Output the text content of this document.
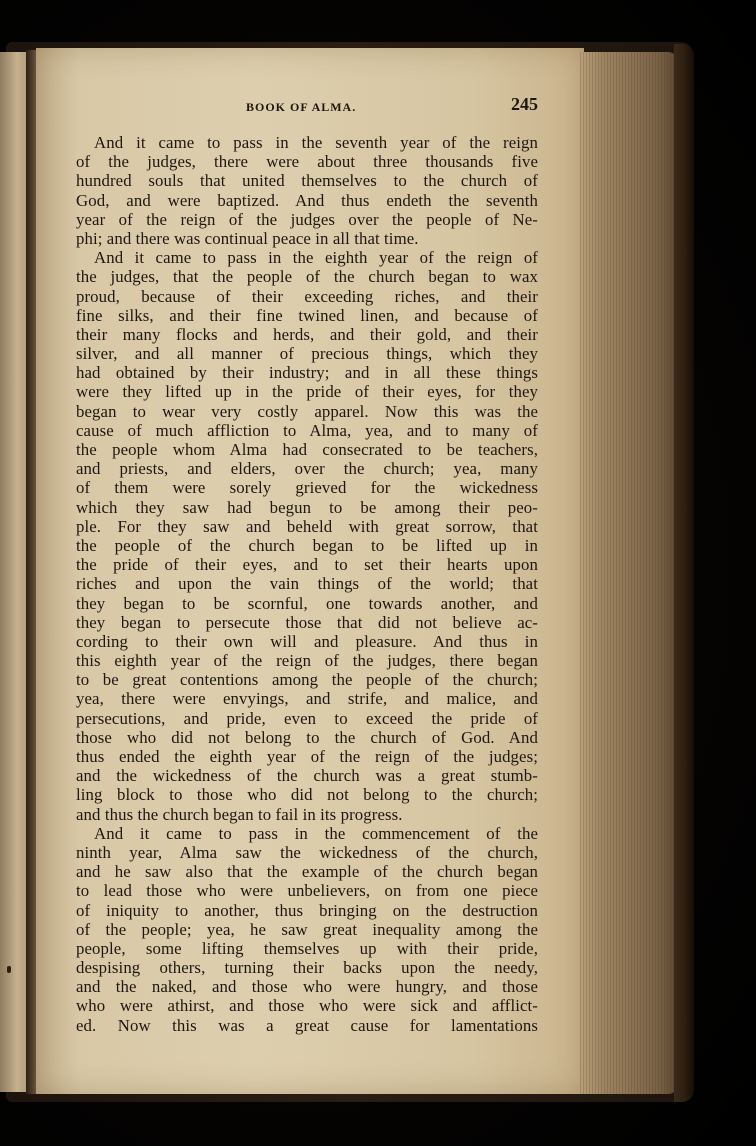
BOOK OF ALMA.	245
And it came to pass in the seventh year of the reign
of the judges, there were about three thousands five
hundred souls that united themselves to the church of
God, and were baptized. And thus endeth the seventh
year of the reign of the judges over the people of Ne-
phi; and there was continual peace in all that time.
And it came to pass in the eighth year of the reign of
the judges, that the people of the church began to wax
proud, because of their exceeding riches, and their
fine silks, and their fine twined linen, and because of
their many flocks and herds, and their gold, and their
silver, and all manner of precious things, which they
had obtained by their industry; and in all these things
were they lifted up in the pride of their eyes, for they
began to wear very costly apparel. Now this was the
cause of much affliction to Alma, yea, and to many of
the people whom Alma had consecrated to be teachers,
and priests, and elders, over the church; yea, many
of them were sorely grieved for the wickedness
which they saw had begun to be among their peo-
ple. For they saw and beheld with great sorrow, that
the people of the church began to be lifted up in
the pride of their eyes, and to set their hearts upon
riches and upon the vain things of the world; that
they began to be scornful, one towards another, and
they began to persecute those that did not believe ac-
cording to their own will and pleasure. And thus in
this eighth year of the reign of the judges, there began
to be great contentions among the people of the church;
yea, there were envyings, and strife, and malice, and
persecutions, and pride, even to exceed the pride of
those who did not belong to the church of God. And
thus ended the eighth year of the reign of the judges;
and the wickedness of the church was a great stumb-
ling block to those who did not belong to the church;
and thus the church began to fail in its progress.
And it came to pass in the commencement of the
ninth year, Alma saw the wickedness of the church,
and he saw also that the example of the church began
to lead those who were unbelievers, on from one piece
of iniquity to another, thus bringing on the destruction
of the people; yea, he saw great inequality among the
people, some lifting themselves up with their pride,
despising others, turning their backs upon the needy,
and the naked, and those who were hungry, and those
who were athirst, and those who were sick and afflict-
ed. Now this was a great cause for lamentations
